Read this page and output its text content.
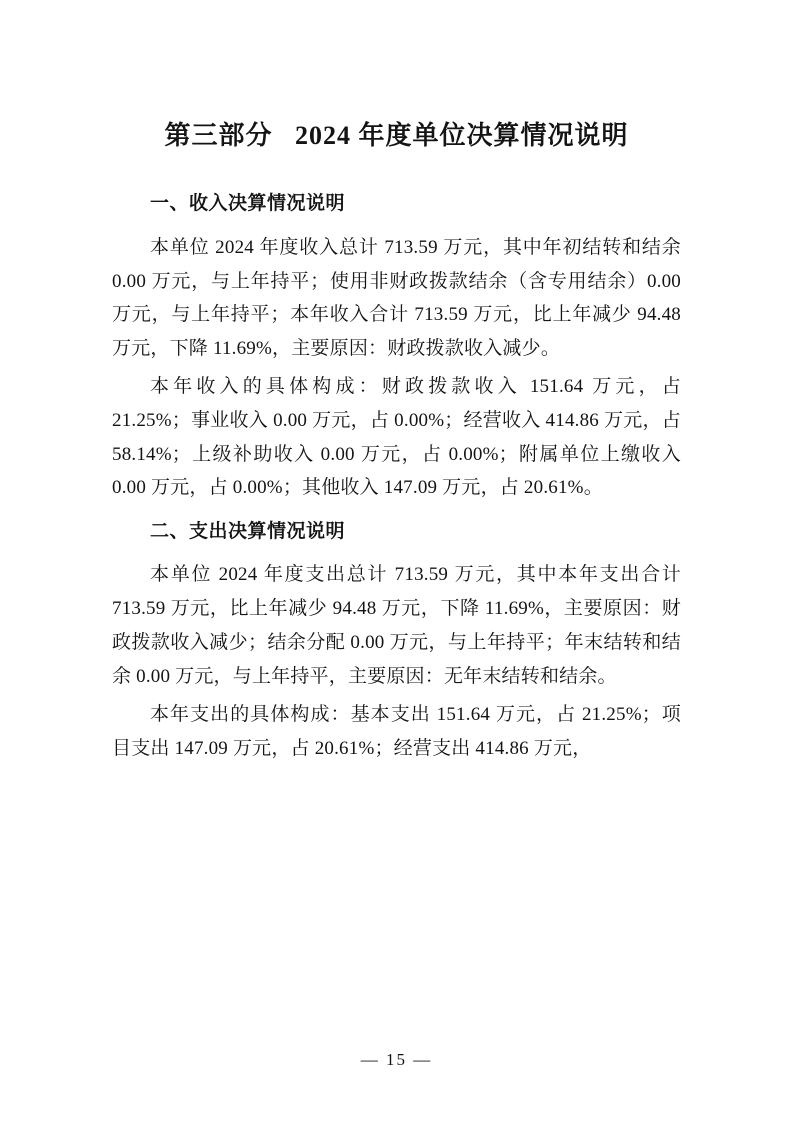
第三部分   2024 年度单位决算情况说明
一、收入决算情况说明

本单位 2024 年度收入总计 713.59 万元，其中年初结转和结余 0.00 万元，与上年持平；使用非财政拨款结余（含专用结余）0.00 万元，与上年持平；本年收入合计 713.59 万元，比上年减少 94.48 万元，下降 11.69%，主要原因：财政拨款收入减少。

本年收入的具体构成：财政拨款收入 151.64 万元，占 21.25%；事业收入 0.00 万元，占 0.00%；经营收入 414.86 万元，占 58.14%；上级补助收入 0.00 万元，占 0.00%；附属单位上缴收入 0.00 万元，占 0.00%；其他收入 147.09 万元，占 20.61%。

二、支出决算情况说明

本单位 2024 年度支出总计 713.59 万元，其中本年支出合计 713.59 万元，比上年减少 94.48 万元，下降 11.69%，主要原因：财政拨款收入减少；结余分配 0.00 万元，与上年持平；年末结转和结余 0.00 万元，与上年持平，主要原因：无年末结转和结余。

本年支出的具体构成：基本支出 151.64 万元，占 21.25%；项目支出 147.09 万元，占 20.61%；经营支出 414.86 万元，

— 15 —
